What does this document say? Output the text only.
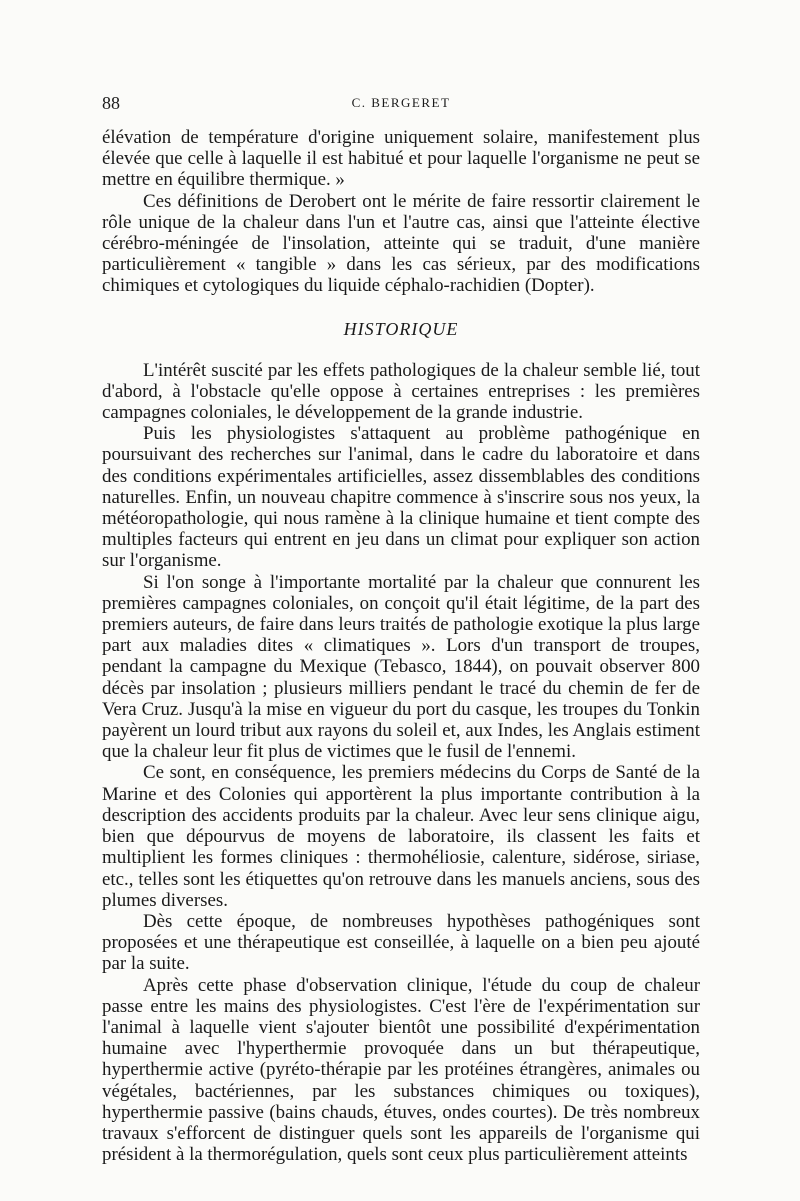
88	C. BERGERET

élévation de température d'origine uniquement solaire, manifestement plus élevée que celle à laquelle il est habitué et pour laquelle l'organisme ne peut se mettre en équilibre thermique. »

Ces définitions de Derobert ont le mérite de faire ressortir clairement le rôle unique de la chaleur dans l'un et l'autre cas, ainsi que l'atteinte élective cérébro-méningée de l'insolation, atteinte qui se traduit, d'une manière particulièrement « tangible » dans les cas sérieux, par des modifications chimiques et cytologiques du liquide céphalo-rachidien (Dopter).

HISTORIQUE

L'intérêt suscité par les effets pathologiques de la chaleur semble lié, tout d'abord, à l'obstacle qu'elle oppose à certaines entreprises : les premières campagnes coloniales, le développement de la grande industrie.

Puis les physiologistes s'attaquent au problème pathogénique en poursuivant des recherches sur l'animal, dans le cadre du laboratoire et dans des conditions expérimentales artificielles, assez dissemblables des conditions naturelles. Enfin, un nouveau chapitre commence à s'inscrire sous nos yeux, la météoropathologie, qui nous ramène à la clinique humaine et tient compte des multiples facteurs qui entrent en jeu dans un climat pour expliquer son action sur l'organisme.

Si l'on songe à l'importante mortalité par la chaleur que connurent les premières campagnes coloniales, on conçoit qu'il était légitime, de la part des premiers auteurs, de faire dans leurs traités de pathologie exotique la plus large part aux maladies dites « climatiques ». Lors d'un transport de troupes, pendant la campagne du Mexique (Tebasco, 1844), on pouvait observer 800 décès par insolation ; plusieurs milliers pendant le tracé du chemin de fer de Vera Cruz. Jusqu'à la mise en vigueur du port du casque, les troupes du Tonkin payèrent un lourd tribut aux rayons du soleil et, aux Indes, les Anglais estiment que la chaleur leur fit plus de victimes que le fusil de l'ennemi.

Ce sont, en conséquence, les premiers médecins du Corps de Santé de la Marine et des Colonies qui apportèrent la plus importante contribution à la description des accidents produits par la chaleur. Avec leur sens clinique aigu, bien que dépourvus de moyens de laboratoire, ils classent les faits et multiplient les formes cliniques : thermohéliosie, calenture, sidérose, siriase, etc., telles sont les étiquettes qu'on retrouve dans les manuels anciens, sous des plumes diverses.

Dès cette époque, de nombreuses hypothèses pathogéniques sont proposées et une thérapeutique est conseillée, à laquelle on a bien peu ajouté par la suite.

Après cette phase d'observation clinique, l'étude du coup de chaleur passe entre les mains des physiologistes. C'est l'ère de l'expérimentation sur l'animal à laquelle vient s'ajouter bientôt une possibilité d'expérimentation humaine avec l'hyperthermie provoquée dans un but thérapeutique, hyperthermie active (pyréto-thérapie par les protéines étrangères, animales ou végétales, bactériennes, par les substances chimiques ou toxiques), hyperthermie passive (bains chauds, étuves, ondes courtes). De très nombreux travaux s'efforcent de distinguer quels sont les appareils de l'organisme qui président à la thermorégulation, quels sont ceux plus particulièrement atteints
